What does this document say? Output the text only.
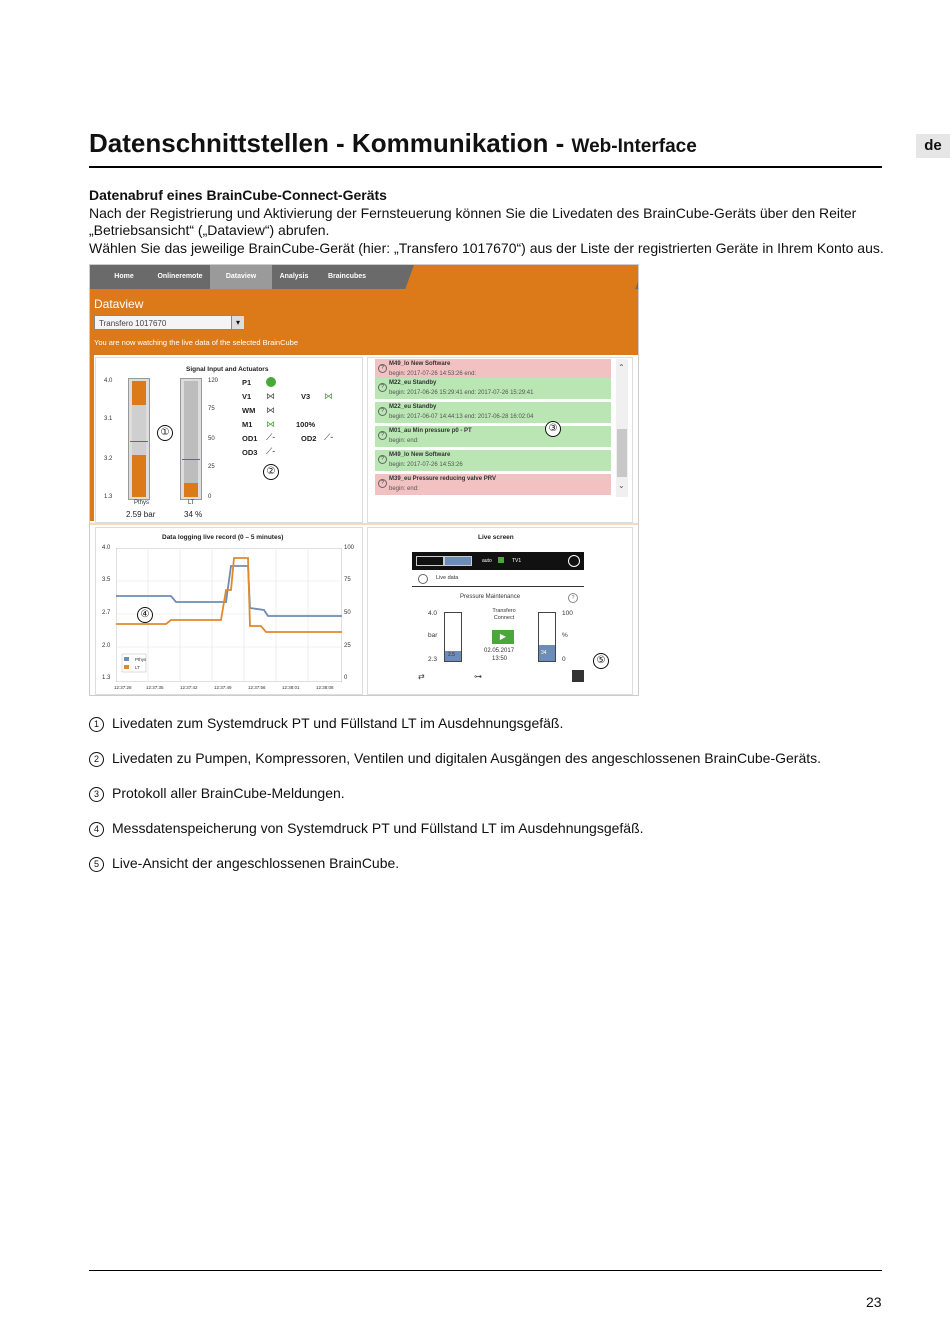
Datenschnittstellen - Kommunikation - Web-Interface	de
Datenabruf eines BrainCube-Connect-Geräts
Nach der Registrierung und Aktivierung der Fernsteuerung können Sie die Livedaten des BrainCube-Geräts über den Reiter „Betriebsansicht“ („Dataview“) abrufen.
Wählen Sie das jeweilige BrainCube-Gerät (hier: „Transfero 1017670“) aus der Liste der registrierten Geräte in Ihrem Konto aus.
Home	Onlineremote	Dataview	Analysis	Braincubes
Dataview
Transfero 1017670	▾
You are now watching the live data of the selected BrainCube
Signal Input and Actuators
4.0
3.1
3.2
1.3
Pthys
2.59 bar
120
75
50
25
0
LT
34 %
P1
V1 ⋈	V3 ⋈
WM ⋈
M1 ⋈	100%
OD1 ⟋-	OD2 ⟋-
OD3 ⟋-
⌃
⌄
?
M49_lo New Software
begin: 2017-07-26 14:53:26 end:
?
M22_eu Standby
begin: 2017-06-26 15:29:41 end: 2017-07-26 15:29:41
?
M22_eu Standby
begin: 2017-06-07 14:44:13 end: 2017-06-28 16:02:04
?
M01_au Min pressure p0 - PT
begin: end:
?
M49_lo New Software
begin: 2017-07-26 14:53:26
?
M39_eu Pressure reducing valve PRV
begin: end:
Data logging live record (0 – 5 minutes)
4.0
3.5
2.7
2.0
1.3
100
75
50
25
0
Pthys
LT
12:37:28	12:37:35	12:37:42	12:37:49	12:37:56	12:38:01	12:38:08
Live screen
auto	TV1
Live data
Pressure Maintenance	?
4.0
bar
2.3
2.5
Transfero Connect
▶
02.05.2017
13:50
34
100
%
0
⇄	⊶
①
②
③
④
⑤
1 Livedaten zum Systemdruck PT und Füllstand LT im Ausdehnungsgefäß.
2 Livedaten zu Pumpen, Kompressoren, Ventilen und digitalen Ausgängen des angeschlossenen BrainCube-Geräts.
3 Protokoll aller BrainCube-Meldungen.
4 Messdatenspeicherung von Systemdruck PT und Füllstand LT im Ausdehnungsgefäß.
5 Live-Ansicht der angeschlossenen BrainCube.
23
